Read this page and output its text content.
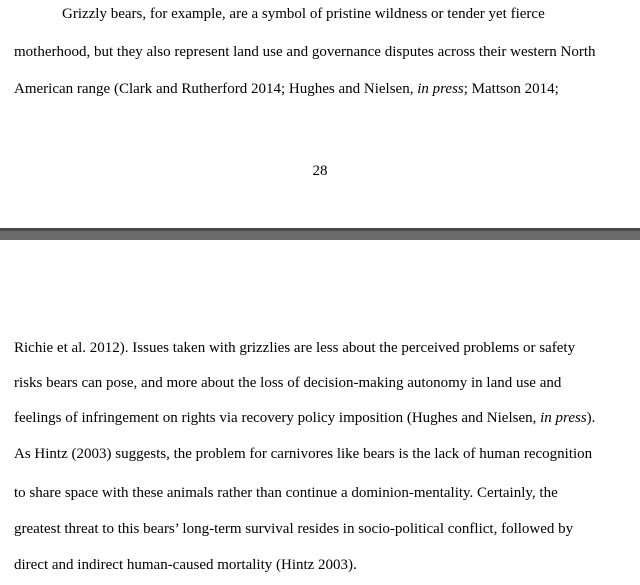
Grizzly bears, for example, are a symbol of pristine wildness or tender yet fierce
motherhood, but they also represent land use and governance disputes across their western North
American range (Clark and Rutherford 2014; Hughes and Nielsen, in press; Mattson 2014;
28
Richie et al. 2012). Issues taken with grizzlies are less about the perceived problems or safety
risks bears can pose, and more about the loss of decision-making autonomy in land use and
feelings of infringement on rights via recovery policy imposition (Hughes and Nielsen, in press).
As Hintz (2003) suggests, the problem for carnivores like bears is the lack of human recognition
to share space with these animals rather than continue a dominion-mentality. Certainly, the
greatest threat to this bears’ long-term survival resides in socio-political conflict, followed by
direct and indirect human-caused mortality (Hintz 2003).
